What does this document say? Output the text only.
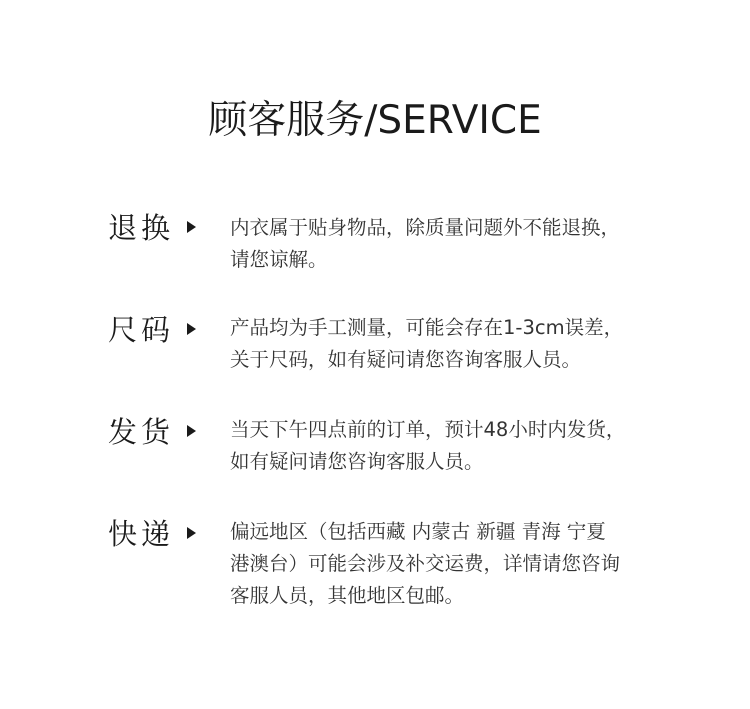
顾客服务/SERVICE
退换	内衣属于贴身物品，除质量问题外不能退换，
请您谅解。
尺码	产品均为手工测量，可能会存在1-3cm误差，
关于尺码，如有疑问请您咨询客服人员。
发货	当天下午四点前的订单，预计48小时内发货，
如有疑问请您咨询客服人员。
快递	偏远地区（包括西藏 内蒙古 新疆 青海 宁夏
港澳台）可能会涉及补交运费，详情请您咨询
客服人员，其他地区包邮。
